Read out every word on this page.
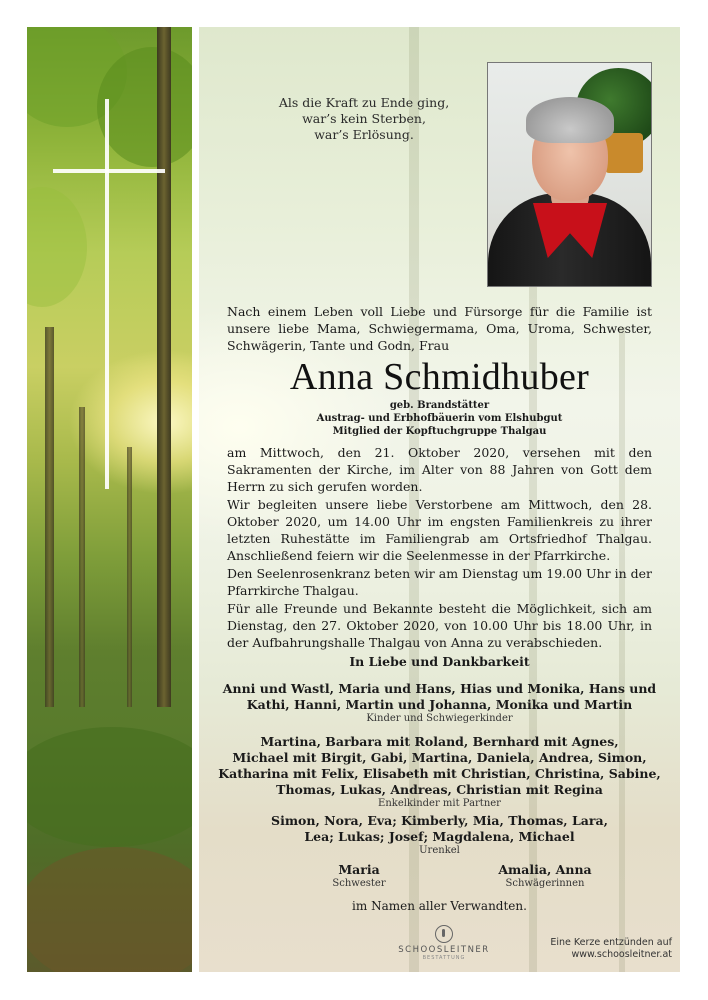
Als die Kraft zu Ende ging,
war’s kein Sterben,
war’s Erlösung.
Nach einem Leben voll Liebe und Fürsorge für die Familie ist unsere liebe Mama, Schwiegermama, Oma, Uroma, Schwester, Schwägerin, Tante und Godn, Frau
Anna Schmidhuber
geb. Brandstätter
Austrag- und Erbhofbäuerin vom Elshubgut
Mitglied der Kopftuchgruppe Thalgau
am Mittwoch, den 21. Oktober 2020, versehen mit den Sakramenten der Kirche, im Alter von 88 Jahren von Gott dem Herrn zu sich gerufen worden.
Wir begleiten unsere liebe Verstorbene am Mittwoch, den 28. Oktober 2020, um 14.00 Uhr im engsten Familienkreis zu ihrer letzten Ruhestätte im Familiengrab am Ortsfriedhof Thalgau. Anschließend feiern wir die Seelenmesse in der Pfarrkirche.
Den Seelenrosenkranz beten wir am Dienstag um 19.00 Uhr in der Pfarrkirche Thalgau.
Für alle Freunde und Bekannte besteht die Möglichkeit, sich am Dienstag, den 27. Oktober 2020, von 10.00 Uhr bis 18.00 Uhr, in der Aufbahrungshalle Thalgau von Anna zu verabschieden.
In Liebe und Dankbarkeit
Anni und Wastl, Maria und Hans, Hias und Monika, Hans und
Kathi, Hanni, Martin und Johanna, Monika und Martin
Kinder und Schwiegerkinder
Martina, Barbara mit Roland, Bernhard mit Agnes,
Michael mit Birgit, Gabi, Martina, Daniela, Andrea, Simon,
Katharina mit Felix, Elisabeth mit Christian, Christina, Sabine,
Thomas, Lukas, Andreas, Christian mit Regina
Enkelkinder mit Partner
Simon, Nora, Eva; Kimberly, Mia, Thomas, Lara,
Lea; Lukas; Josef; Magdalena, Michael
Urenkel
Maria
Schwester
Amalia, Anna
Schwägerinnen
im Namen aller Verwandten.
SCHOOSLEITNER
BESTATTUNG
Eine Kerze entzünden auf
www.schoosleitner.at
